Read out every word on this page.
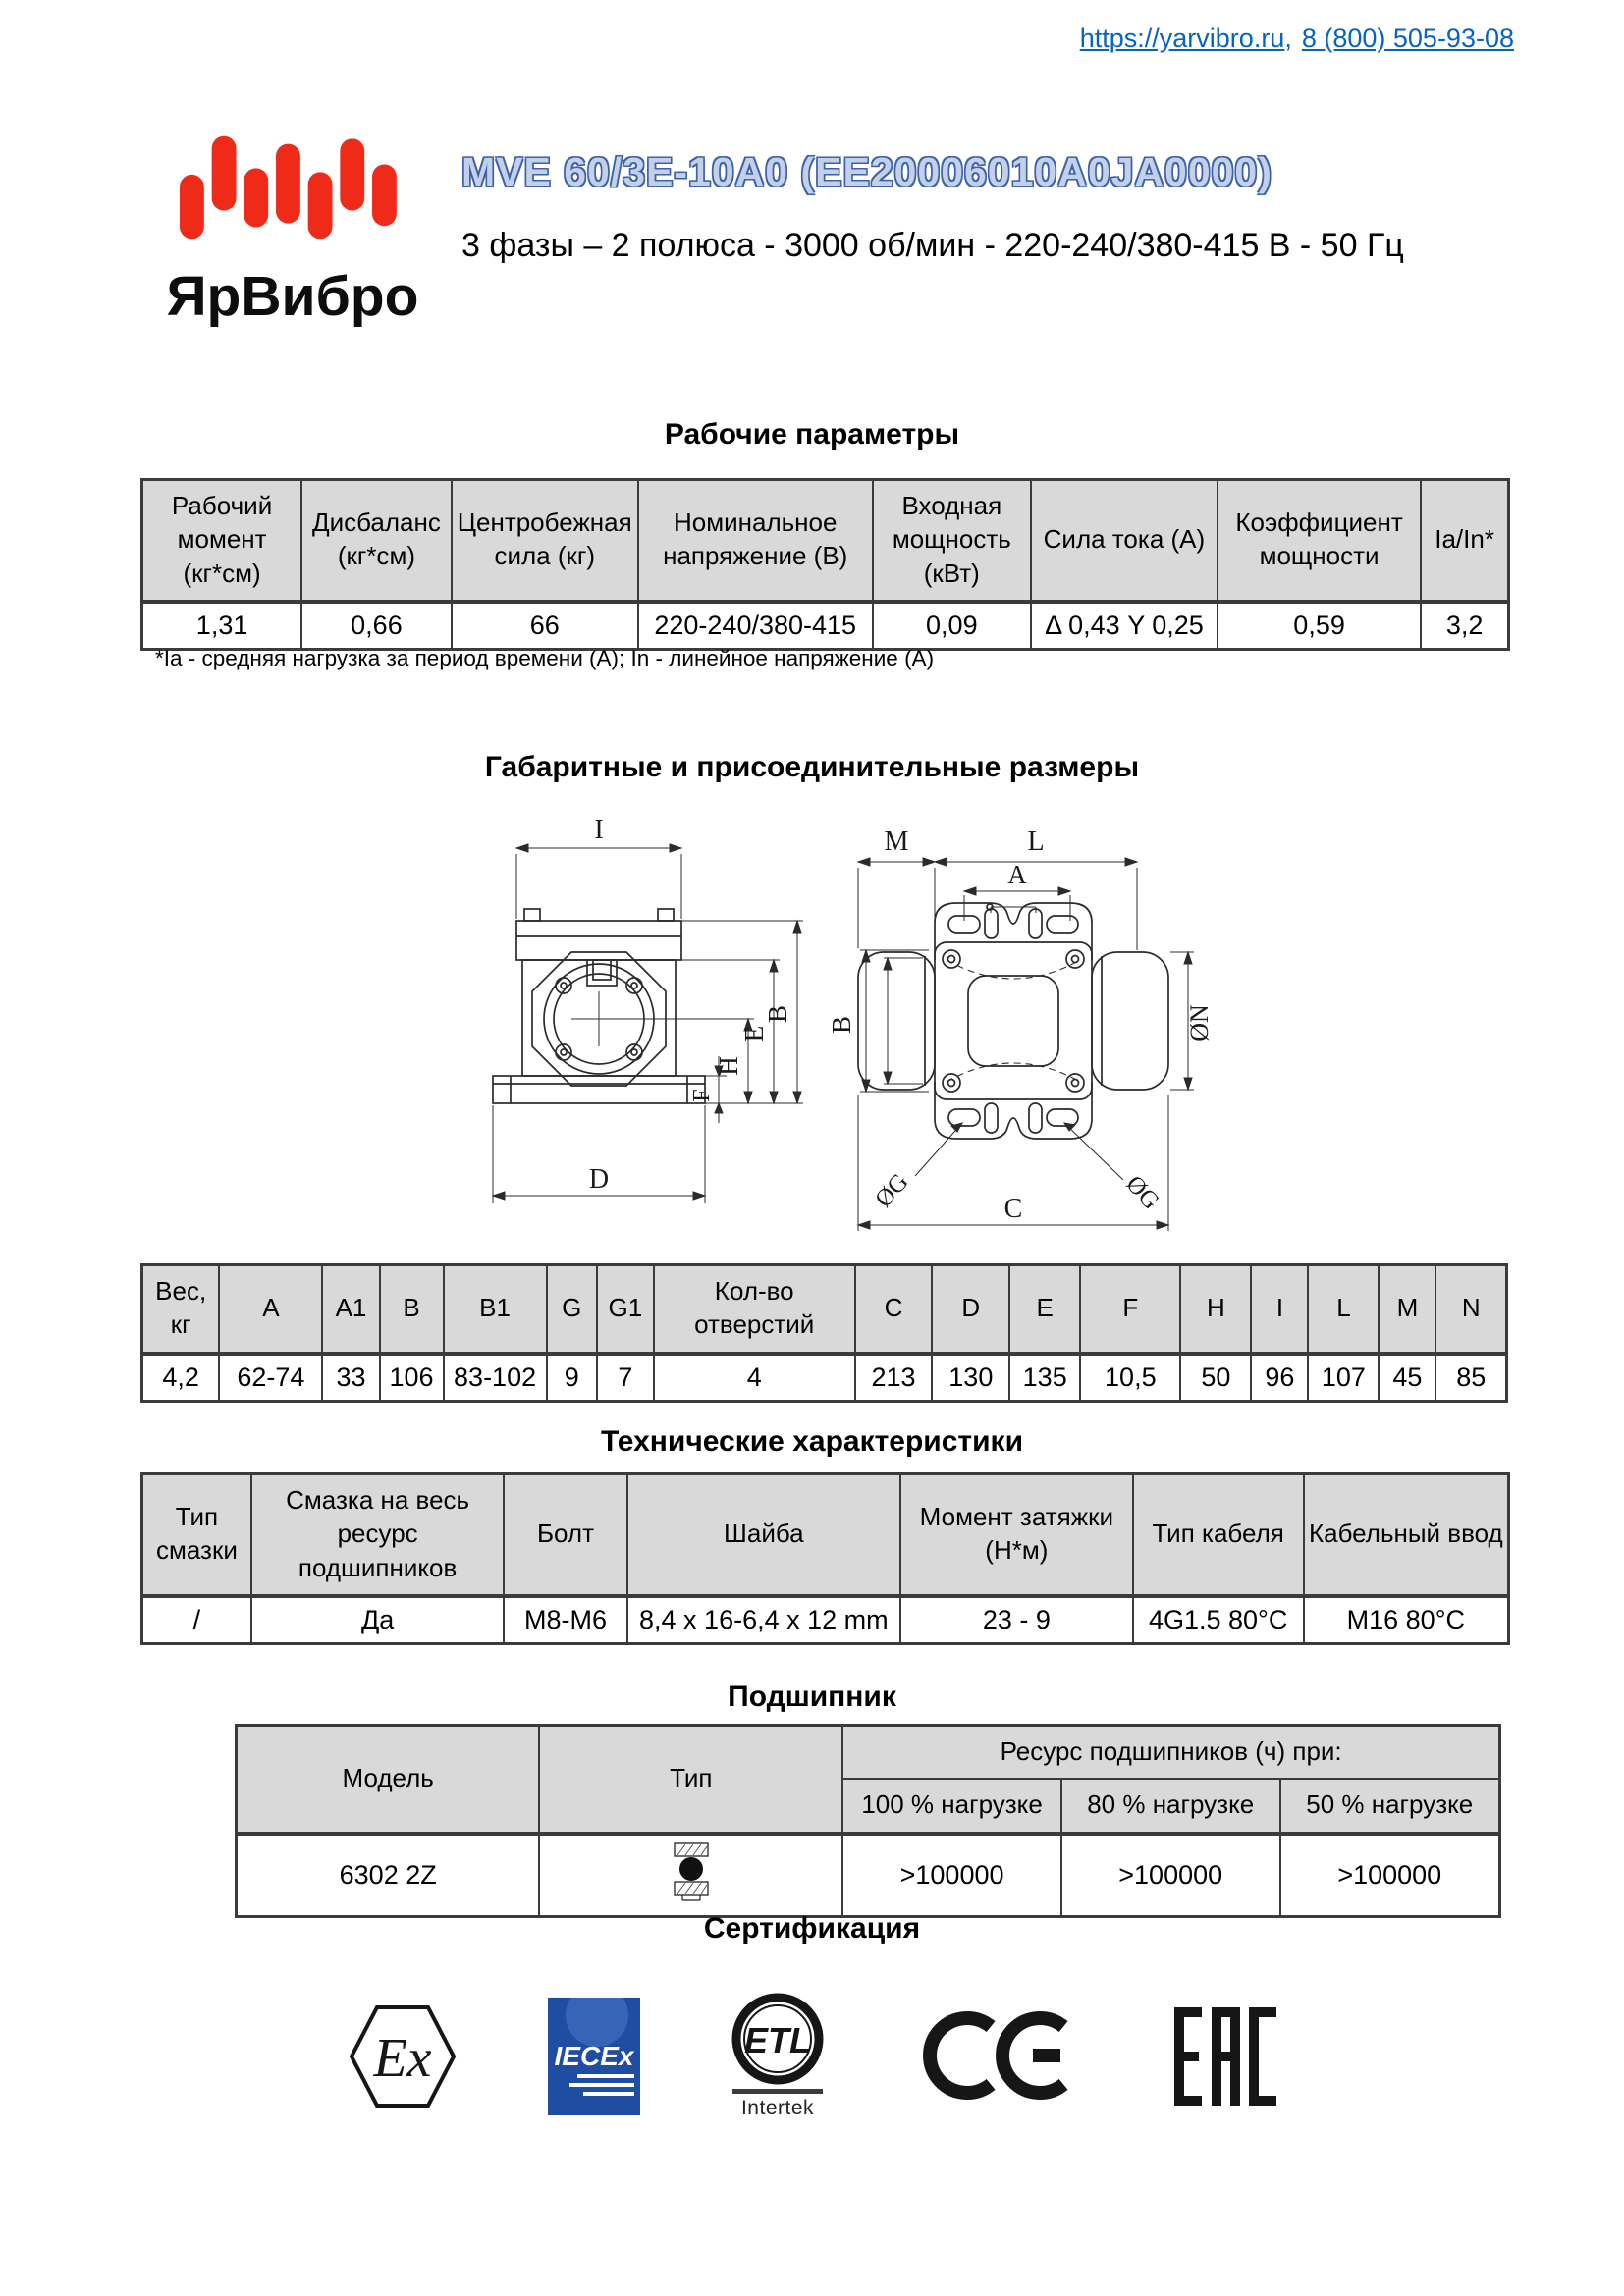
https://yarvibro.ru, 8 (800) 505-93-08
ЯрВибро
MVE 60/3E-10A0 (EE20006010A0JA0000)
3 фазы – 2 полюса - 3000 об/мин - 220-240/380-415 В - 50 Гц
Рабочие параметры
Рабочий момент (кг*см)	Дисбаланс (кг*см)	Центробежная сила (кг)	Номинальное напряжение (В)	Входная мощность (кВт)	Сила тока (А)	Коэффициент мощности	Ia/In*
1,31	0,66	66	220-240/380-415	0,09	Δ 0,43 Y 0,25	0,59	3,2
*Ia - средняя нагрузка за период времени (A); In - линейное напряжение (A)
Габаритные и присоединительные размеры
I
D
F
H
E
B
M	L
A
B	ØN
ØG	ØG
C
Вес, кг	A	A1	B	B1	G	G1	Кол-во отверстий	C	D	E	F	H	I	L	M	N
4,2	62-74	33	106	83-102	9	7	4	213	130	135	10,5	50	96	107	45	85
Технические характеристики
Тип смазки	Смазка на весь ресурс подшипников	Болт	Шайба	Момент затяжки (Н*м)	Тип кабеля	Кабельный ввод
/	Да	M8-M6	8,4 x 16-6,4 x 12 mm	23 - 9	4G1.5 80°C	M16 80°C
Подшипник
Модель	Тип	Ресурс подшипников (ч) при:		
		100 % нагрузке	80 % нагрузке	50 % нагрузке
6302 2Z		>100000	>100000	>100000
Сертификация
Ex	IECEx	ETL
Intertek
